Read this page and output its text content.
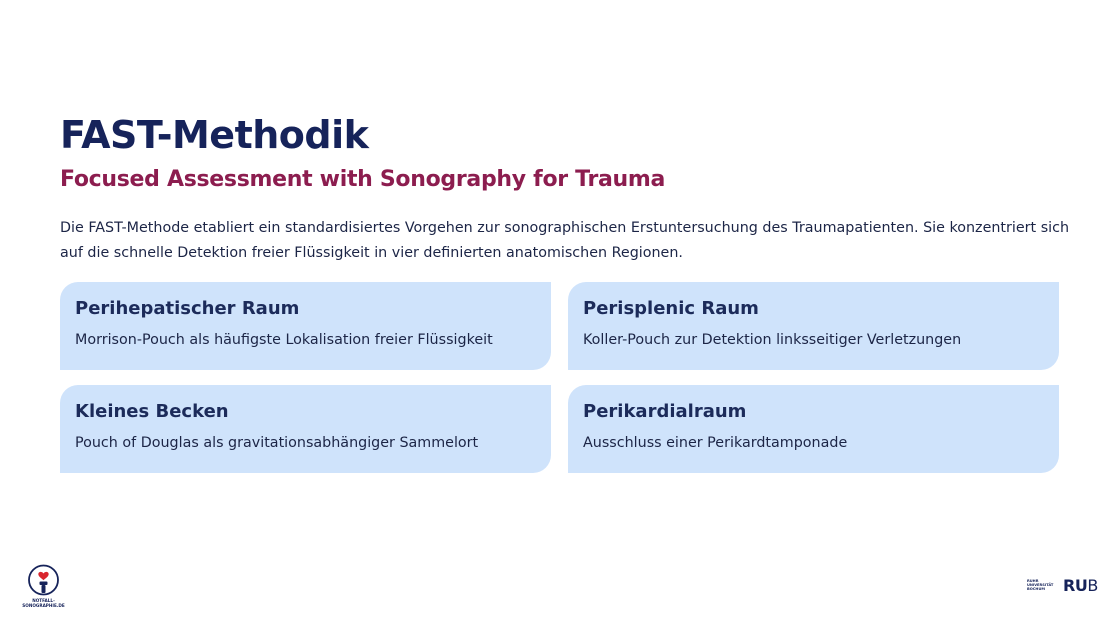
FAST-Methodik
Focused Assessment with Sonography for Trauma

Die FAST-Methode etabliert ein standardisiertes Vorgehen zur sonographischen Erstuntersuchung des Traumapatienten. Sie konzentriert sich auf die schnelle Detektion freier Flüssigkeit in vier definierten anatomischen Regionen.

Perihepatischer Raum

Morrison-Pouch als häufigste Lokalisation freier Flüssigkeit

Perisplenic Raum

Koller-Pouch zur Detektion linksseitiger Verletzungen

Kleines Becken

Pouch of Douglas als gravitationsabhängiger Sammelort

Perikardialraum

Ausschluss einer Perikardtamponade

NOTFALL-
SONOGRAPHIE.DE
RUHR
UNIVERSITÄT
BOCHUM	RUB
